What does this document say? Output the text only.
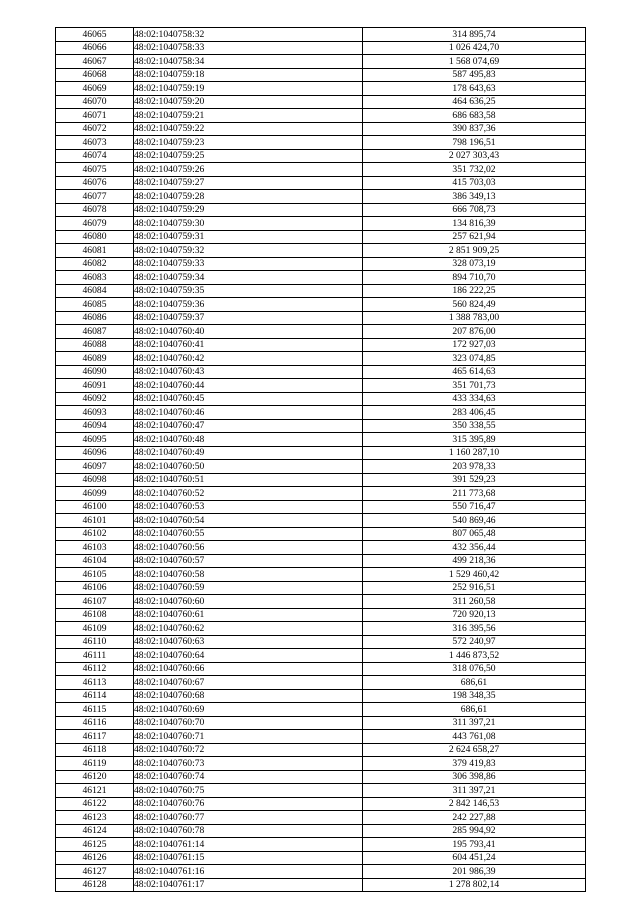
46065	48:02:1040758:32	314 895,74
46066	48:02:1040758:33	1 026 424,70
46067	48:02:1040758:34	1 568 074,69
46068	48:02:1040759:18	587 495,83
46069	48:02:1040759:19	178 643,63
46070	48:02:1040759:20	464 636,25
46071	48:02:1040759:21	686 683,58
46072	48:02:1040759:22	390 837,36
46073	48:02:1040759:23	798 196,51
46074	48:02:1040759:25	2 027 303,43
46075	48:02:1040759:26	351 732,02
46076	48:02:1040759:27	415 703,03
46077	48:02:1040759:28	386 349,13
46078	48:02:1040759:29	666 708,73
46079	48:02:1040759:30	134 816,39
46080	48:02:1040759:31	257 621,94
46081	48:02:1040759:32	2 851 909,25
46082	48:02:1040759:33	328 073,19
46083	48:02:1040759:34	894 710,70
46084	48:02:1040759:35	186 222,25
46085	48:02:1040759:36	560 824,49
46086	48:02:1040759:37	1 388 783,00
46087	48:02:1040760:40	207 876,00
46088	48:02:1040760:41	172 927,03
46089	48:02:1040760:42	323 074,85
46090	48:02:1040760:43	465 614,63
46091	48:02:1040760:44	351 701,73
46092	48:02:1040760:45	433 334,63
46093	48:02:1040760:46	283 406,45
46094	48:02:1040760:47	350 338,55
46095	48:02:1040760:48	315 395,89
46096	48:02:1040760:49	1 160 287,10
46097	48:02:1040760:50	203 978,33
46098	48:02:1040760:51	391 529,23
46099	48:02:1040760:52	211 773,68
46100	48:02:1040760:53	550 716,47
46101	48:02:1040760:54	540 869,46
46102	48:02:1040760:55	807 065,48
46103	48:02:1040760:56	432 356,44
46104	48:02:1040760:57	499 218,36
46105	48:02:1040760:58	1 529 460,42
46106	48:02:1040760:59	252 916,51
46107	48:02:1040760:60	311 260,58
46108	48:02:1040760:61	720 920,13
46109	48:02:1040760:62	316 395,56
46110	48:02:1040760:63	572 240,97
46111	48:02:1040760:64	1 446 873,52
46112	48:02:1040760:66	318 076,50
46113	48:02:1040760:67	686,61
46114	48:02:1040760:68	198 348,35
46115	48:02:1040760:69	686,61
46116	48:02:1040760:70	311 397,21
46117	48:02:1040760:71	443 761,08
46118	48:02:1040760:72	2 624 658,27
46119	48:02:1040760:73	379 419,83
46120	48:02:1040760:74	306 398,86
46121	48:02:1040760:75	311 397,21
46122	48:02:1040760:76	2 842 146,53
46123	48:02:1040760:77	242 227,88
46124	48:02:1040760:78	285 994,92
46125	48:02:1040761:14	195 793,41
46126	48:02:1040761:15	604 451,24
46127	48:02:1040761:16	201 986,39
46128	48:02:1040761:17	1 278 802,14
